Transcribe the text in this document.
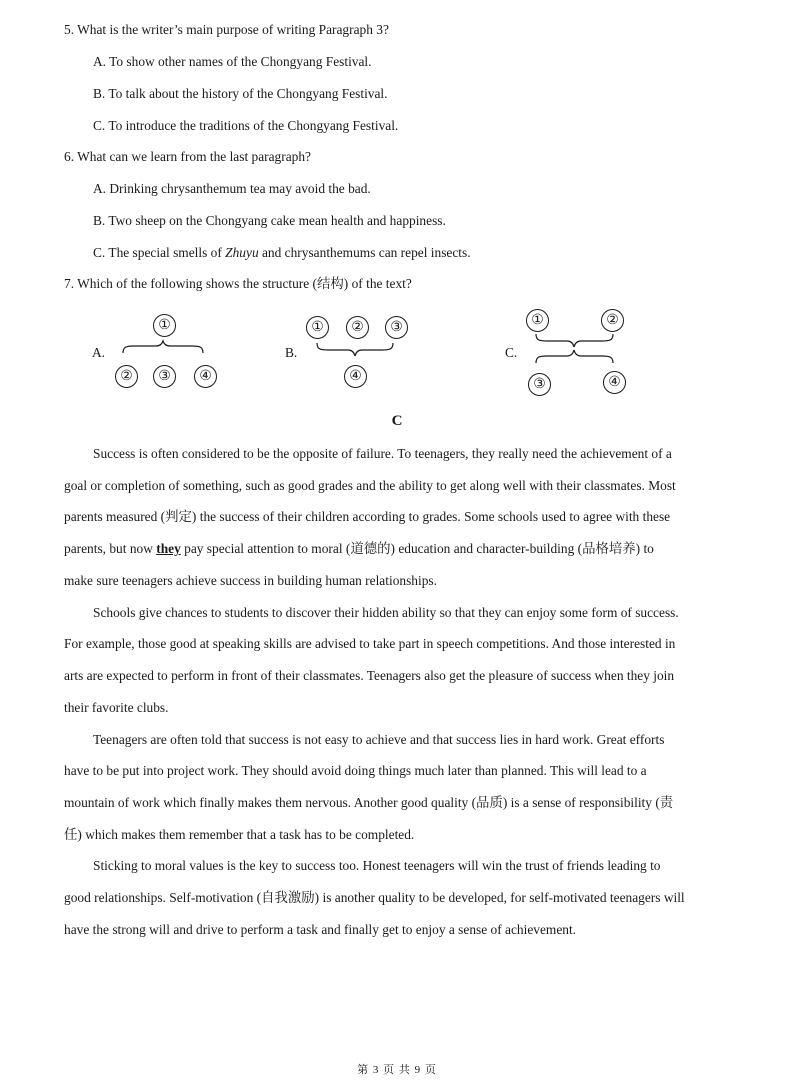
5. What is the writer’s main purpose of writing Paragraph 3?
A. To show other names of the Chongyang Festival.
B. To talk about the history of the Chongyang Festival.
C. To introduce the traditions of the Chongyang Festival.
6. What can we learn from the last paragraph?
A. Drinking chrysanthemum tea may avoid the bad.
B. Two sheep on the Chongyang cake mean health and happiness.
C. The special smells of Zhuyu and chrysanthemums can repel insects.
7. Which of the following shows the structure (结构) of the text?
A.
①
②	③	④
B.
①	②	③
④
C.
①	②
③	④
C
Success is often considered to be the opposite of failure. To teenagers, they really need the achievement of a
goal or completion of something, such as good grades and the ability to get along well with their classmates. Most
parents measured (判定) the success of their children according to grades. Some schools used to agree with these
parents, but now they pay special attention to moral (道德的) education and character-building (品格培养) to
make sure teenagers achieve success in building human relationships.
Schools give chances to students to discover their hidden ability so that they can enjoy some form of success.
For example, those good at speaking skills are advised to take part in speech competitions. And those interested in
arts are expected to perform in front of their classmates. Teenagers also get the pleasure of success when they join
their favorite clubs.
Teenagers are often told that success is not easy to achieve and that success lies in hard work. Great efforts
have to be put into project work. They should avoid doing things much later than planned. This will lead to a
mountain of work which finally makes them nervous. Another good quality (品质) is a sense of responsibility (责
任) which makes them remember that a task has to be completed.
Sticking to moral values is the key to success too. Honest teenagers will win the trust of friends leading to
good relationships. Self-motivation (自我激励) is another quality to be developed, for self-motivated teenagers will
have the strong will and drive to perform a task and finally get to enjoy a sense of achievement.
第 3 页 共 9 页
